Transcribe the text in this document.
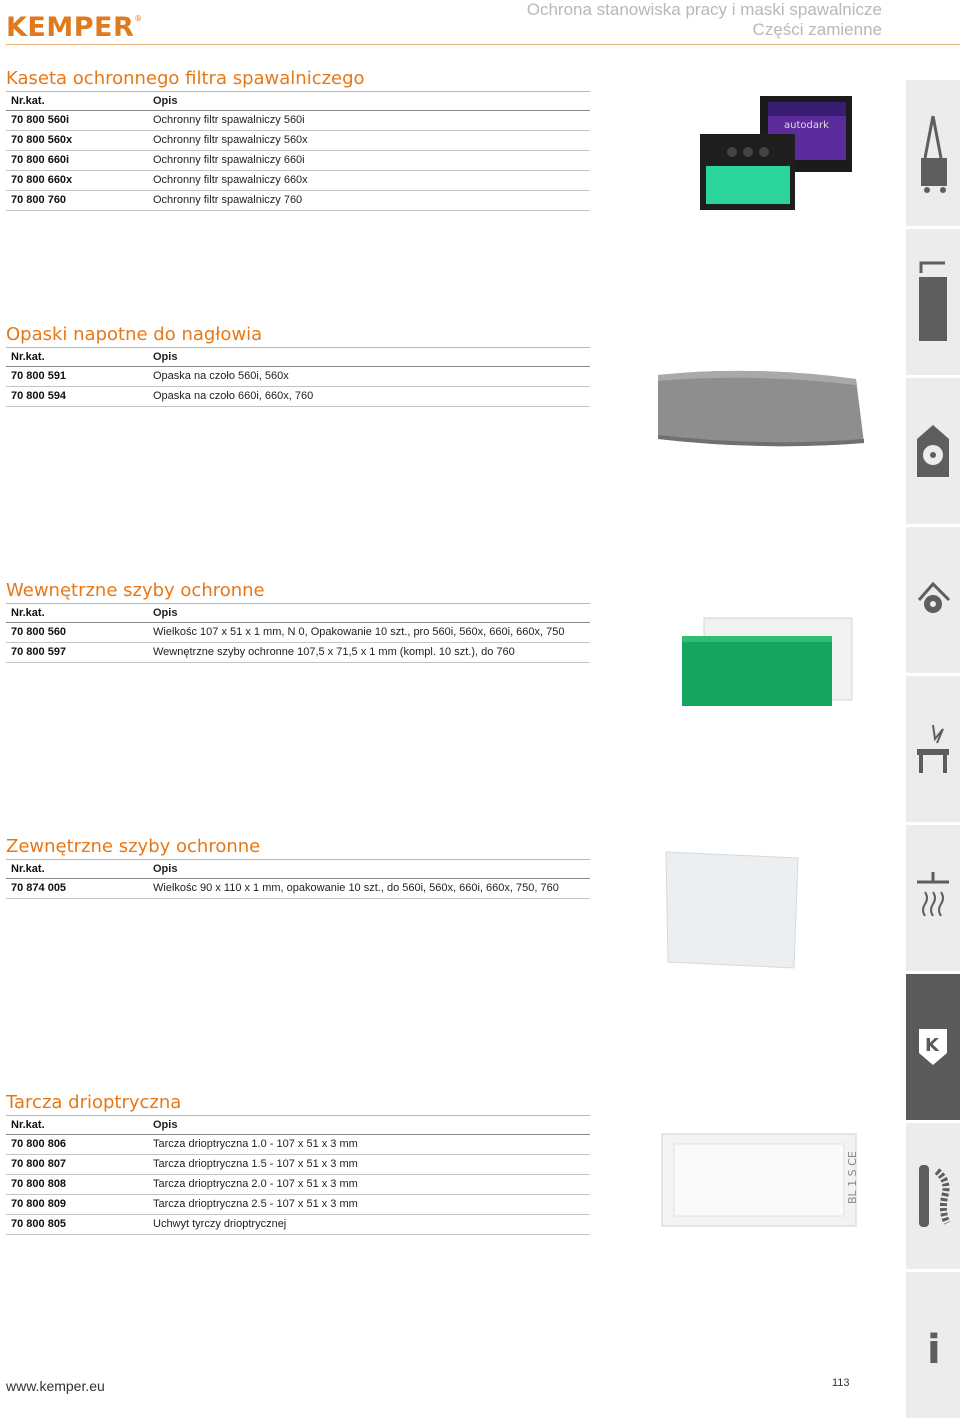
KEMPER®	Ochrona stanowiska pracy i maski spawalnicze
Części zamienne
Kaseta ochronnego filtra spawalniczego
Nr.kat.	Opis
70 800 560i	Ochronny filtr spawalniczy 560i
70 800 560x	Ochronny filtr spawalniczy 560x
70 800 660i	Ochronny filtr spawalniczy 660i
70 800 660x	Ochronny filtr spawalniczy 660x
70 800 760	Ochronny filtr spawalniczy 760
Opaski napotne do nagłowia
Nr.kat.	Opis
70 800 591	Opaska na czoło 560i, 560x
70 800 594	Opaska na czoło 660i, 660x, 760
Wewnętrzne szyby ochronne
Nr.kat.	Opis
70 800 560	Wielkośc 107 x 51 x 1 mm, N 0, Opakowanie 10 szt., pro 560i, 560x, 660i, 660x, 750
70 800 597	Wewnętrzne szyby ochronne 107,5 x 71,5 x 1 mm (kompl. 10 szt.), do 760
Zewnętrzne szyby ochronne
Nr.kat.	Opis
70 874 005	Wielkośc 90 x 110 x 1 mm, opakowanie 10 szt., do 560i, 560x, 660i, 660x, 750, 760
Tarcza drioptryczna
Nr.kat.	Opis
70 800 806	Tarcza drioptryczna 1.0 - 107 x 51 x 3 mm
70 800 807	Tarcza drioptryczna 1.5 - 107 x 51 x 3 mm
70 800 808	Tarcza drioptryczna 2.0 - 107 x 51 x 3 mm
70 800 809	Tarcza drioptryczna 2.5 - 107 x 51 x 3 mm
70 800 805	Uchwyt tyrczy drioptrycznej
autodark
BL 1 S CE
K
i
www.kemper.eu	113
